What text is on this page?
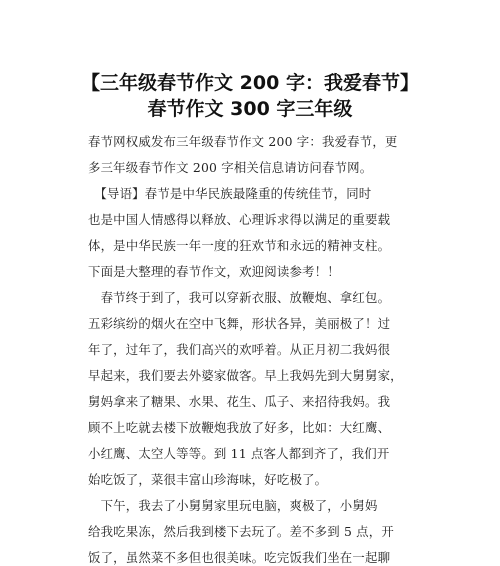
【三年级春节作文 200 字：我爱春节】
春节作文 300 字三年级
春节网权威发布三年级春节作文 200 字：我爱春节，更
多三年级春节作文 200 字相关信息请访问春节网。
　【导语】春节是中华民族最隆重的传统佳节，同时
也是中国人情感得以释放、心理诉求得以满足的重要载
体，是中华民族一年一度的狂欢节和永远的精神支柱。
下面是大整理的春节作文，欢迎阅读参考！！
　春节终于到了，我可以穿新衣服、放鞭炮、拿红包。
五彩缤纷的烟火在空中飞舞，形状各异，美丽极了！过
年了，过年了，我们高兴的欢呼着。从正月初二我妈很
早起来，我们要去外婆家做客。早上我妈先到大舅舅家，
舅妈拿来了糖果、水果、花生、瓜子、来招待我妈。我
顾不上吃就去楼下放鞭炮我放了好多，比如：大红鹰、
小红鹰、太空人等等。到 11 点客人都到齐了，我们开
始吃饭了，菜很丰富山珍海味，好吃极了。
　下午，我去了小舅舅家里玩电脑，爽极了，小舅妈
给我吃果冻，然后我到楼下去玩了。差不多到 5 点，开
饭了，虽然菜不多但也很美味。吃完饭我们坐在一起聊
